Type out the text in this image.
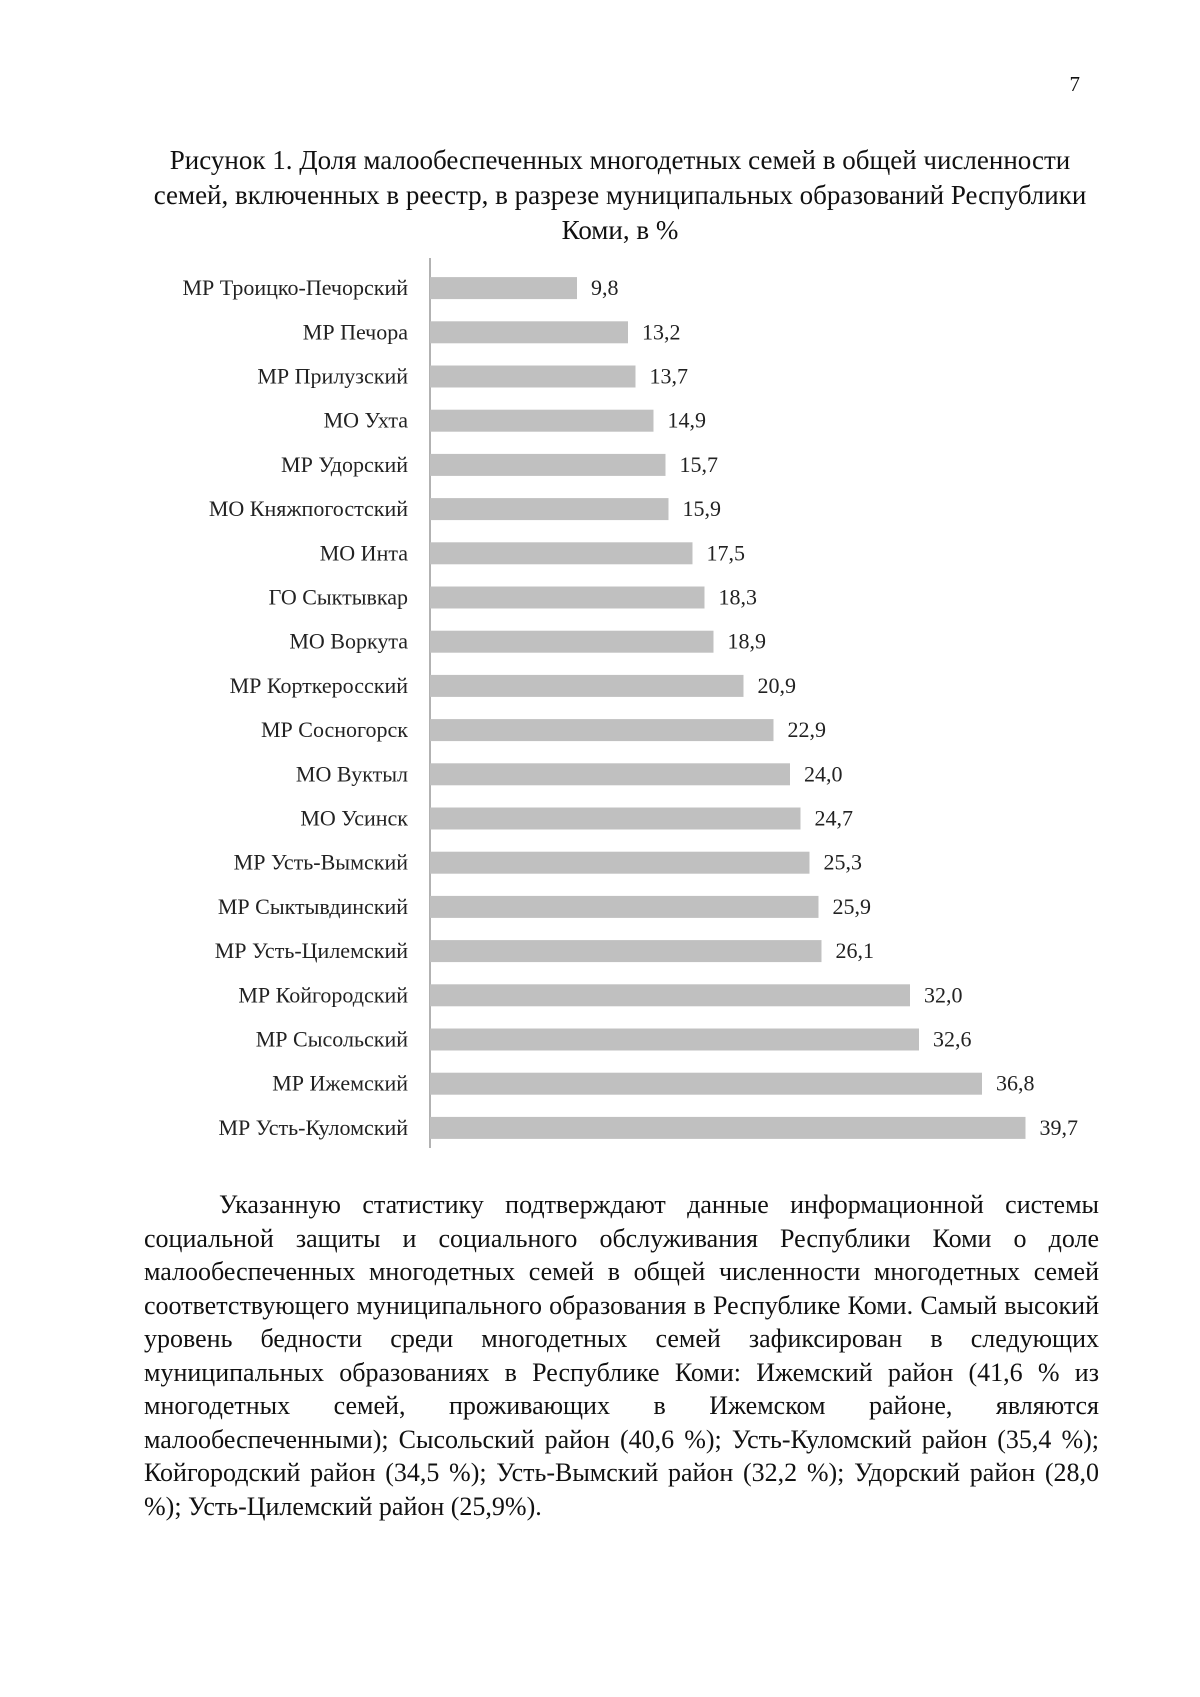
7
Рисунок 1. Доля малообеспеченных многодетных семей в общей численности семей, включенных в реестр, в разрезе муниципальных образований Республики Коми, в %
МР Троицко-Печорский	9,8
МР Печора	13,2
МР Прилузский	13,7
МО Ухта	14,9
МР Удорский	15,7
МО Княжпогостский	15,9
МО Инта	17,5
ГО Сыктывкар	18,3
МО Воркута	18,9
МР Корткеросский	20,9
МР Сосногорск	22,9
МО Вуктыл	24,0
МО Усинск	24,7
МР Усть-Вымский	25,3
МР Сыктывдинский	25,9
МР Усть-Цилемский	26,1
МР Койгородский	32,0
МР Сысольский	32,6
МР Ижемский	36,8
МР Усть-Куломский	39,7

Указанную статистику подтверждают данные информационной системы социальной защиты и социального обслуживания Республики Коми о доле малообеспеченных многодетных семей в общей численности многодетных семей соответствующего муниципального образования в Республике Коми. Самый высокий уровень бедности среди многодетных семей зафиксирован в следующих муниципальных образованиях в Республике Коми: Ижемский район (41,6 % из многодетных семей, проживающих в Ижемском районе, являются малообеспеченными); Сысольский район (40,6 %); Усть-Куломский район (35,4 %); Койгородский район (34,5 %); Усть-Вымский район (32,2 %); Удорский район (28,0 %); Усть-Цилемский район (25,9%).
